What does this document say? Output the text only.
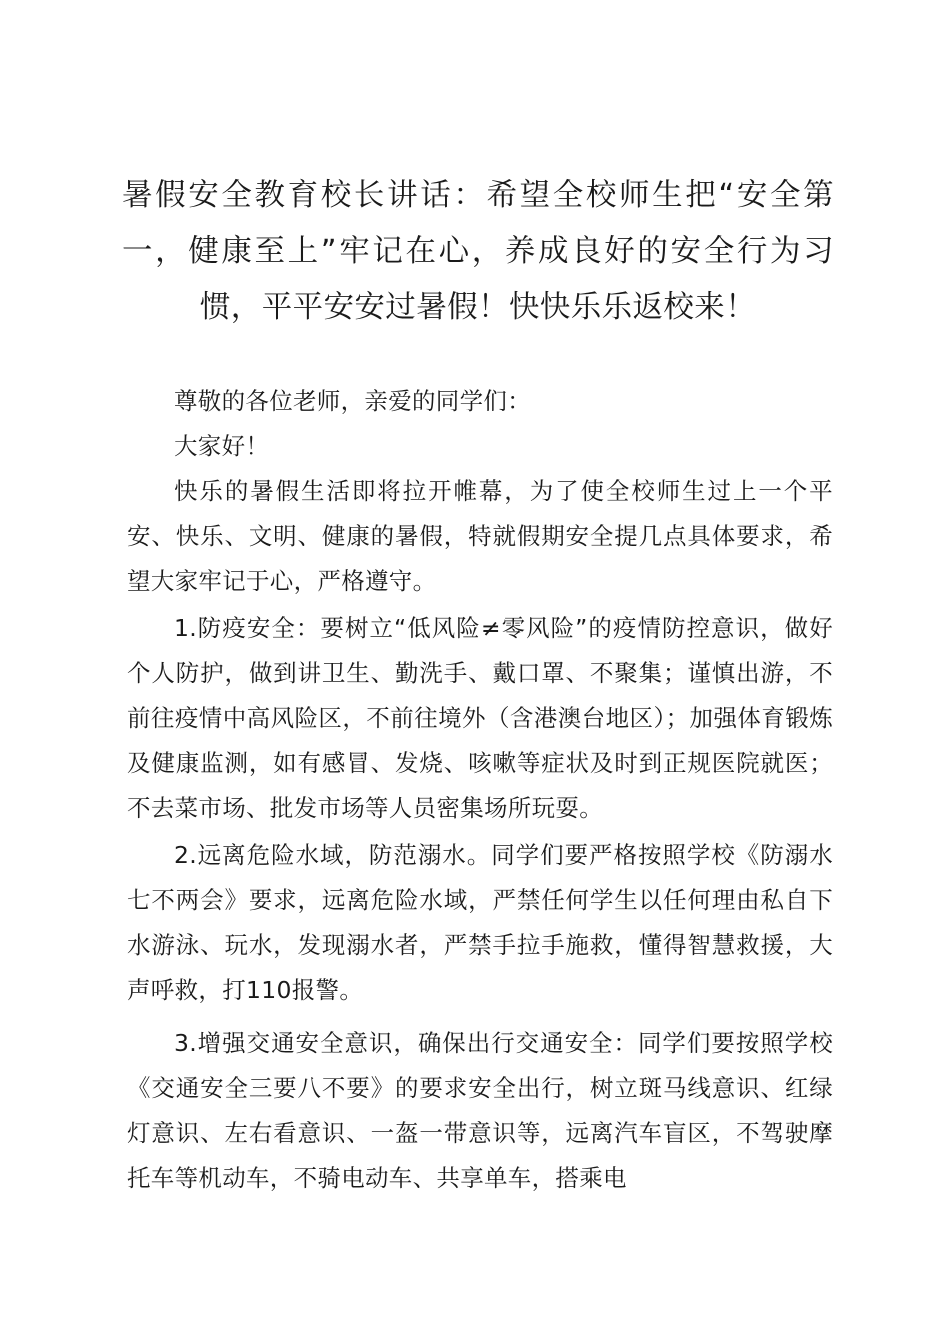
暑假安全教育校长讲话：希望全校师生把“安全第一，健康至上”牢记在心，养成良好的安全行为习惯，平平安安过暑假！快快乐乐返校来！

尊敬的各位老师，亲爱的同学们：

大家好！

快乐的暑假生活即将拉开帷幕，为了使全校师生过上一个平安、快乐、文明、健康的暑假，特就假期安全提几点具体要求，希望大家牢记于心，严格遵守。

1.防疫安全：要树立“低风险≠零风险”的疫情防控意识，做好个人防护，做到讲卫生、勤洗手、戴口罩、不聚集；谨慎出游，不前往疫情中高风险区，不前往境外（含港澳台地区）；加强体育锻炼及健康监测，如有感冒、发烧、咳嗽等症状及时到正规医院就医；不去菜市场、批发市场等人员密集场所玩耍。

2.远离危险水域，防范溺水。同学们要严格按照学校《防溺水七不两会》要求，远离危险水域，严禁任何学生以任何理由私自下水游泳、玩水，发现溺水者，严禁手拉手施救，懂得智慧救援，大声呼救，打110报警。

3.增强交通安全意识，确保出行交通安全：同学们要按照学校《交通安全三要八不要》的要求安全出行，树立斑马线意识、红绿灯意识、左右看意识、一盔一带意识等，远离汽车盲区，不驾驶摩托车等机动车，不骑电动车、共享单车，搭乘电
